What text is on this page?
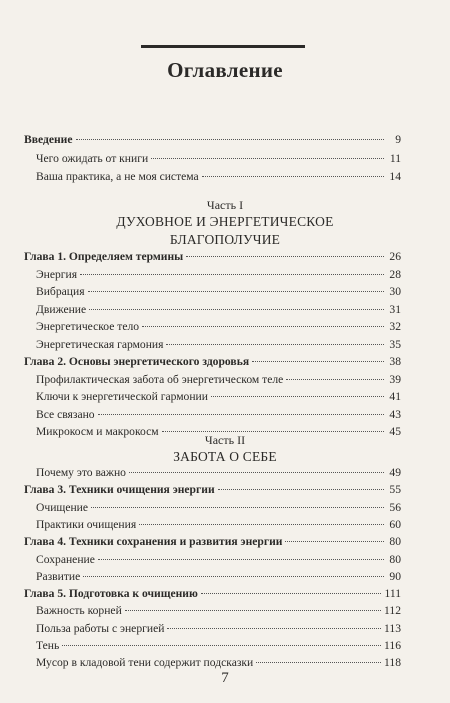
Оглавление
Введение	9
Чего ожидать от книги	11
Ваша практика, а не моя система	14
Часть I
ДУХОВНОЕ И ЭНЕРГЕТИЧЕСКОЕ
БЛАГОПОЛУЧИЕ
Глава 1. Определяем термины	26
Энергия	28
Вибрация	30
Движение	31
Энергетическое тело	32
Энергетическая гармония	35
Глава 2. Основы энергетического здоровья	38
Профилактическая забота об энергетическом теле	39
Ключи к энергетической гармонии	41
Все связано	43
Микрокосм и макрокосм	45
Часть II
ЗАБОТА О СЕБЕ
Почему это важно	49
Глава 3. Техники очищения энергии	55
Очищение	56
Практики очищения	60
Глава 4. Техники сохранения и развития энергии	80
Сохранение	80
Развитие	90
Глава 5. Подготовка к очищению	111
Важность корней	112
Польза работы с энергией	113
Тень	116
Мусор в кладовой тени содержит подсказки	118
7
